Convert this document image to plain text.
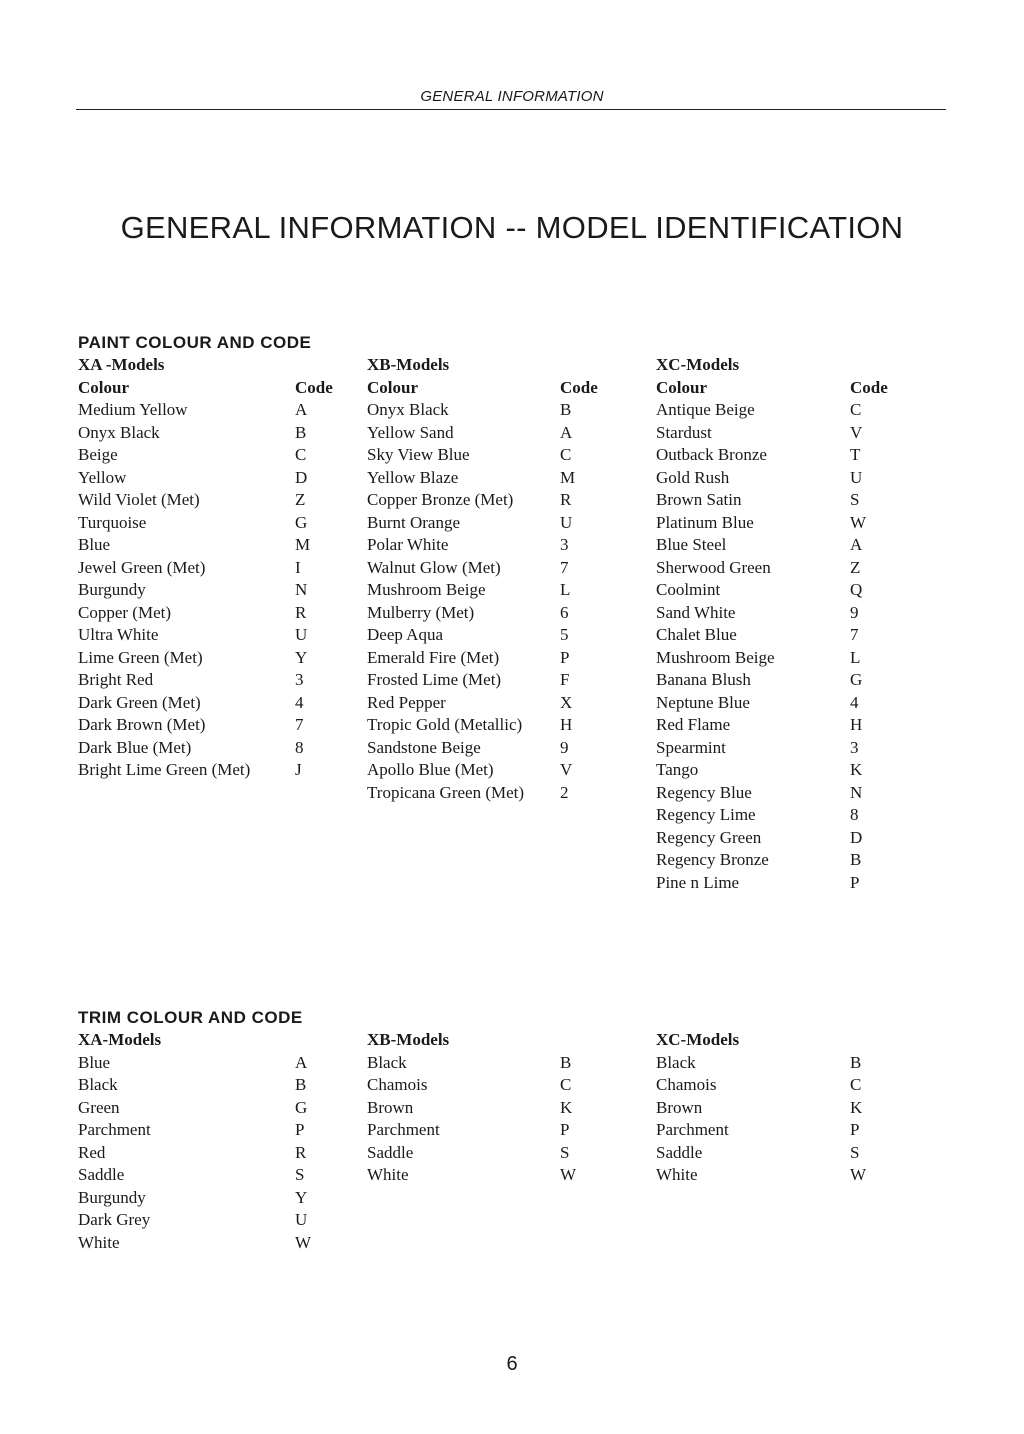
GENERAL INFORMATION
GENERAL INFORMATION -- MODEL IDENTIFICATION
PAINT COLOUR AND CODE
XA -Models
Colour	Code
Medium Yellow	A
Onyx Black	B
Beige	C
Yellow	D
Wild Violet (Met)	Z
Turquoise	G
Blue	M
Jewel Green (Met)	I
Burgundy	N
Copper (Met)	R
Ultra White	U
Lime Green (Met)	Y
Bright Red	3
Dark Green (Met)	4
Dark Brown (Met)	7
Dark Blue (Met)	8
Bright Lime Green (Met)	J
XB-Models
Colour	Code
Onyx Black	B
Yellow Sand	A
Sky View Blue	C
Yellow Blaze	M
Copper Bronze (Met)	R
Burnt Orange	U
Polar White	3
Walnut Glow (Met)	7
Mushroom Beige	L
Mulberry (Met)	6
Deep Aqua	5
Emerald Fire (Met)	P
Frosted Lime (Met)	F
Red Pepper	X
Tropic Gold (Metallic) H
Sandstone Beige	9
Apollo Blue (Met)	V
Tropicana Green (Met) 2
XC-Models
Colour	Code
Antique Beige	C
Stardust	V
Outback Bronze	T
Gold Rush	U
Brown Satin	S
Platinum Blue	W
Blue Steel	A
Sherwood Green	Z
Coolmint	Q
Sand White	9
Chalet Blue	7
Mushroom Beige	L
Banana Blush	G
Neptune Blue	4
Red Flame	H
Spearmint	3
Tango	K
Regency Blue	N
Regency Lime	8
Regency Green	D
Regency Bronze	B
Pine n Lime	P
TRIM COLOUR AND CODE
XA-Models
Blue	A
Black	B
Green	G
Parchment	P
Red	R
Saddle	S
Burgundy	Y
Dark Grey	U
White	W
XB-Models
Black	B
Chamois	C
Brown	K
Parchment	P
Saddle	S
White	W
XC-Models
Black	B
Chamois	C
Brown	K
Parchment	P
Saddle	S
White	W
6
